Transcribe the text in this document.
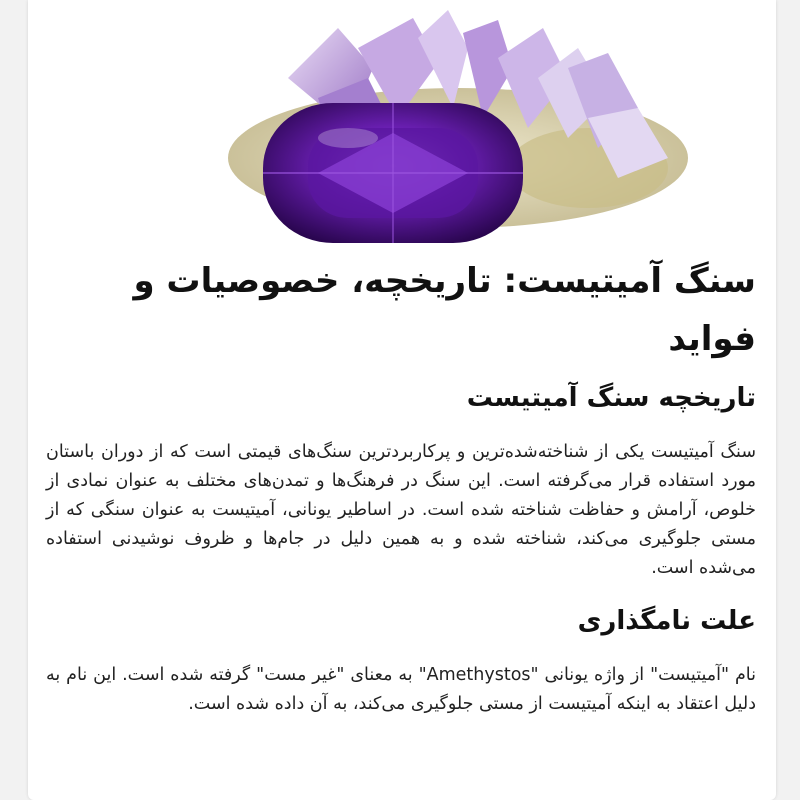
سنگ آمیتیست: تاریخچه، خصوصیات و فواید
تاریخچه سنگ آمیتیست

سنگ آمیتیست یکی از شناخته‌شده‌ترین و پرکاربردترین سنگ‌های قیمتی است که از دوران باستان مورد استفاده قرار می‌گرفته است. این سنگ در فرهنگ‌ها و تمدن‌های مختلف به عنوان نمادی از خلوص، آرامش و حفاظت شناخته شده است. در اساطیر یونانی، آمیتیست به عنوان سنگی که از مستی جلوگیری می‌کند، شناخته شده و به همین دلیل در جام‌ها و ظروف نوشیدنی استفاده می‌شده است.

علت نامگذاری

نام "آمیتیست" از واژه یونانی "Amethystos" به معنای "غیر مست" گرفته شده است. این نام به دلیل اعتقاد به اینکه آمیتیست از مستی جلوگیری می‌کند، به آن داده شده است.
